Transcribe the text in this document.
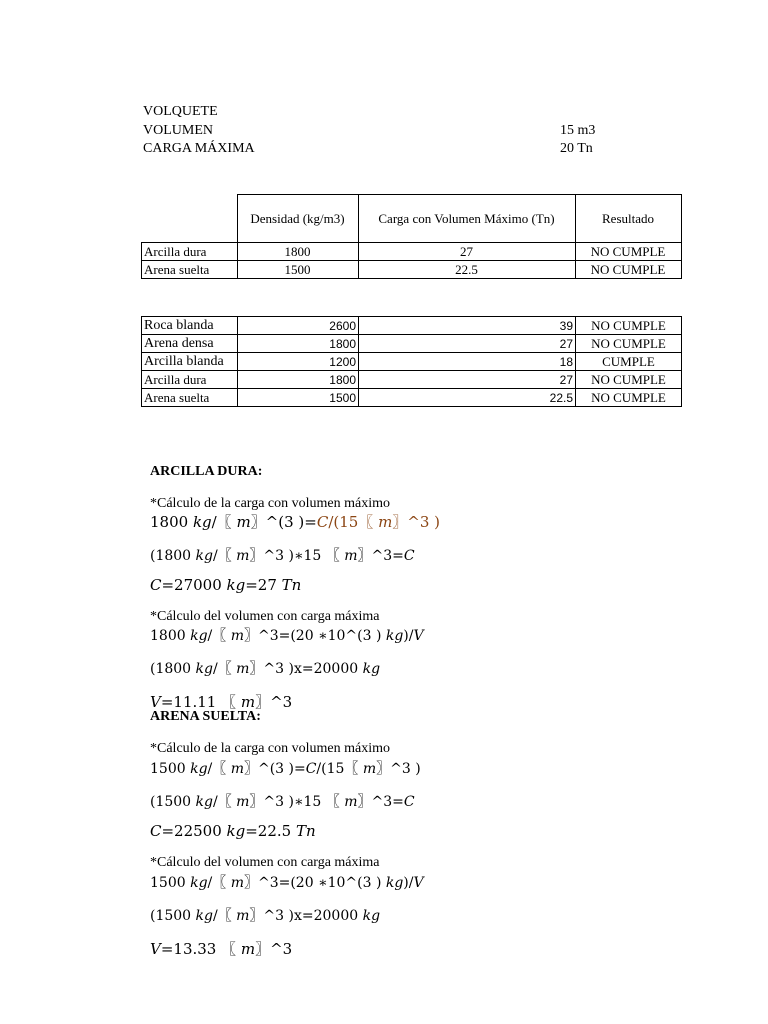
VOLQUETE
VOLUMEN	15 m3
CARGA MÁXIMA	20 Tn
	Densidad (kg/m3)	Carga con Volumen Máximo (Tn)	Resultado
Arcilla dura	1800	27	NO CUMPLE
Arena suelta	1500	22.5	NO CUMPLE
Roca blanda	2600	39	NO CUMPLE
Arena densa	1800	27	NO CUMPLE
Arcilla blanda	1200	18	CUMPLE
Arcilla dura	1800	27	NO CUMPLE
Arena suelta	1500	22.5	NO CUMPLE
ARCILLA DURA:
*Cálculo de la carga con volumen máximo
1800 𝑘𝑔/〖 𝑚〗^(3 )=𝐶/(15〖 𝑚〗^3 )
(1800 𝑘𝑔/〖 𝑚〗^3 )∗15 〖 𝑚〗^3=𝐶
𝐶=27000 𝑘𝑔=27 𝑇𝑛
*Cálculo del volumen con carga máxima
1800 𝑘𝑔/〖 𝑚〗^3=(20 ∗10^(3 ) 𝑘𝑔)/𝑉
(1800 𝑘𝑔/〖 𝑚〗^3 )x=20000 𝑘𝑔
𝑉=11.11 〖 𝑚〗^3
ARENA SUELTA:
*Cálculo de la carga con volumen máximo
1500 𝑘𝑔/〖 𝑚〗^(3 )=𝐶/(15〖 𝑚〗^3 )
(1500 𝑘𝑔/〖 𝑚〗^3 )∗15 〖 𝑚〗^3=𝐶
𝐶=22500 𝑘𝑔=22.5 𝑇𝑛
*Cálculo del volumen con carga máxima
1500 𝑘𝑔/〖 𝑚〗^3=(20 ∗10^(3 ) 𝑘𝑔)/𝑉
(1500 𝑘𝑔/〖 𝑚〗^3 )x=20000 𝑘𝑔
𝑉=13.33 〖 𝑚〗^3
